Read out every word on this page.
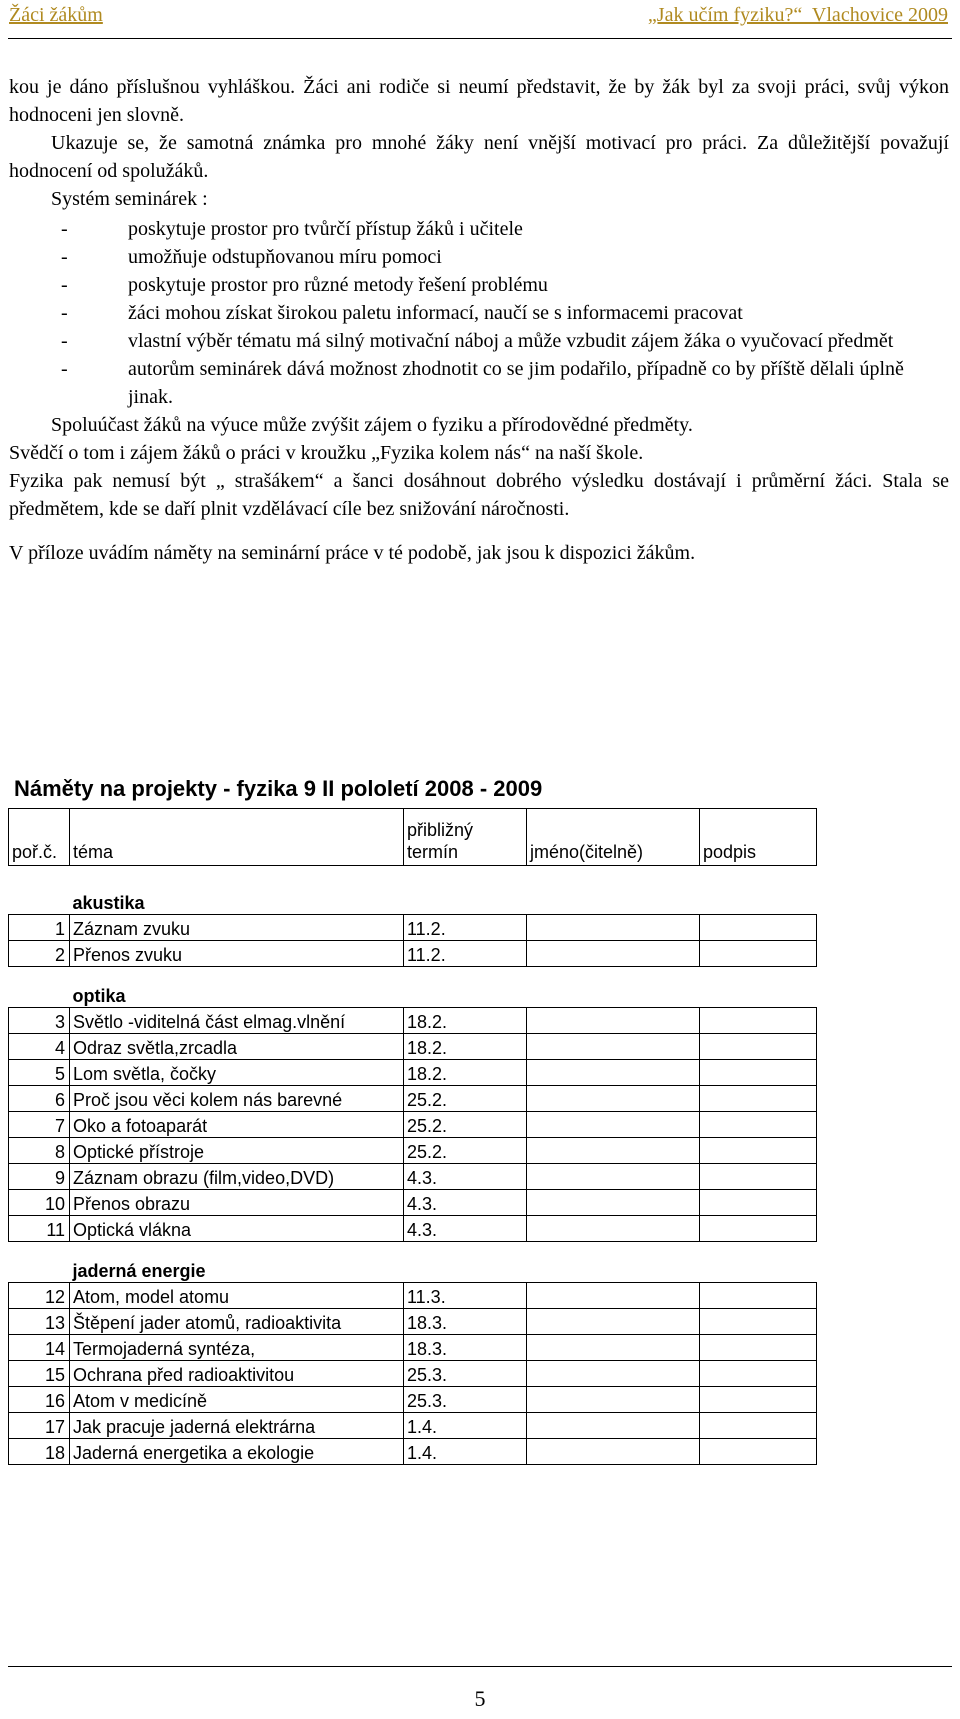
Žáci žákům	„Jak učím fyziku?“  Vlachovice 2009

kou je dáno příslušnou vyhláškou. Žáci ani rodiče si neumí představit, že by žák byl za svoji práci, svůj výkon hodnoceni jen slovně.

Ukazuje se, že samotná známka pro mnohé žáky není vnější motivací pro práci. Za důležitější považují hodnocení od spolužáků.

Systém seminárek :

-	poskytuje prostor pro tvůrčí přístup žáků i učitele
-	umožňuje odstupňovanou míru pomoci
-	poskytuje prostor pro různé metody řešení problému
-	žáci mohou získat širokou paletu informací, naučí se s informacemi pracovat
-	vlastní výběr tématu má silný motivační náboj a může vzbudit zájem žáka o vyučovací předmět
-	autorům seminárek dává možnost zhodnotit co se jim podařilo, případně co by příště dělali úplně jinak.

Spoluúčast žáků na výuce může zvýšit zájem o fyziku a přírodovědné předměty.

Svědčí o tom i zájem žáků o práci v kroužku „Fyzika kolem nás“ na naší škole.

Fyzika pak nemusí být „ strašákem“ a šanci dosáhnout dobrého výsledku dostávají i průměrní žáci. Stala se předmětem, kde se daří plnit vzdělávací cíle bez snižování náročnosti.

V příloze uvádím náměty na seminární práce v té podobě, jak jsou k dispozici žákům.

Náměty na projekty - fyzika 9 II pololetí 2008 - 2009
poř.č.	téma	přibližný termín	jméno(čitelně)	podpis

	akustika			
1	Záznam zvuku	11.2.		
2	Přenos zvuku	11.2.		

	optika			
3	Světlo -viditelná část elmag.vlnění	18.2.		
4	Odraz světla,zrcadla	18.2.		
5	Lom světla, čočky	18.2.		
6	Proč jsou věci kolem nás barevné	25.2.		
7	Oko a fotoaparát	25.2.		
8	Optické přístroje	25.2.		
9	Záznam obrazu (film,video,DVD)	4.3.		
10	Přenos obrazu	4.3.		
11	Optická vlákna	4.3.		

	jaderná energie			
12	Atom, model atomu	11.3.		
13	Štěpení jader atomů, radioaktivita	18.3.		
14	Termojaderná syntéza,	18.3.		
15	Ochrana před radioaktivitou	25.3.		
16	Atom v medicíně	25.3.		
17	Jak pracuje jaderná elektrárna	1.4.		
18	Jaderná energetika a ekologie	1.4.		
5
